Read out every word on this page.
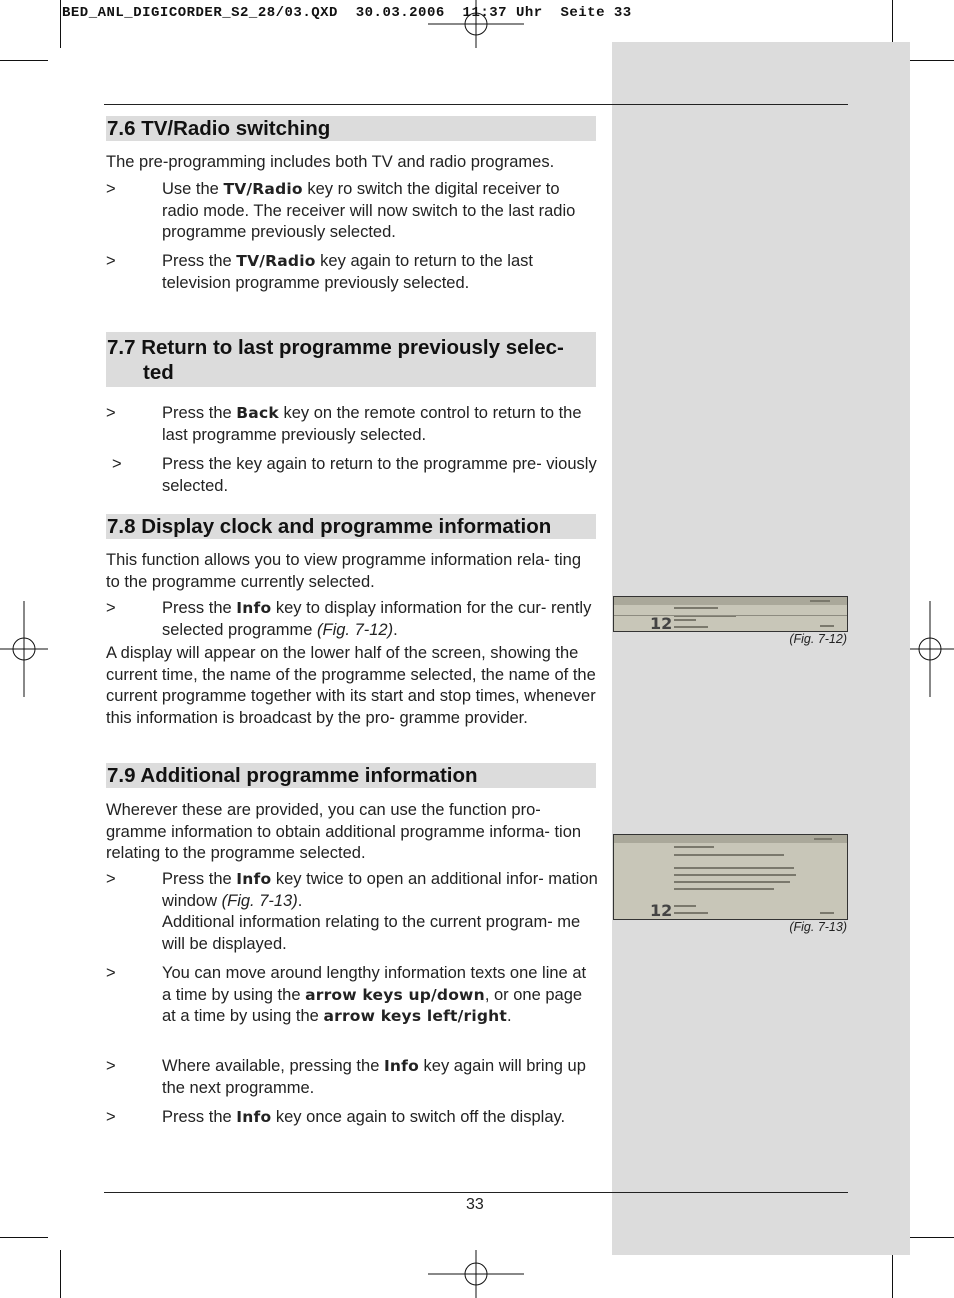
BED_ANL_DIGICORDER_S2_28/03.QXD  30.03.2006  11:37 Uhr  Seite 33
7.6 TV/Radio switching
The pre-programming includes both TV and radio programes.
>	Use the TV/Radio key ro switch the digital receiver to radio mode. The receiver will now switch to the last radio programme previously selected.
>	Press the TV/Radio key again to return to the last television programme previously selected.
7.7 Return to last programme previously selec-
ted
>	Press the Back key on the remote control to return to the last programme previously selected.
> Press the key again to return to the programme pre- viously selected.
7.8 Display clock and programme information
This function allows you to view programme information rela- ting to the programme currently selected.
>	Press the Info key to display information for the cur- rently selected programme (Fig. 7-12).
A display will appear on the lower half of the screen, showing the current time, the name of the programme selected, the name of the current programme together with its start and stop times, whenever this information is broadcast by the pro- gramme provider.
7.9 Additional programme information
Wherever these are provided, you can use the function pro- gramme information to obtain additional programme informa- tion relating to the programme selected.
>	Press the Info key twice to open an additional infor- mation window (Fig. 7-13).
Additional information relating to the current program- me will be displayed.
>	You can move around lengthy information texts one line at a time by using the arrow keys up/down, or one page at a time by using the arrow keys left/right.
>	Where available, pressing the Info key again will bring up the next programme.
>	Press the Info key once again to switch off the display.
12
(Fig. 7-12)
12
(Fig. 7-13)
33
